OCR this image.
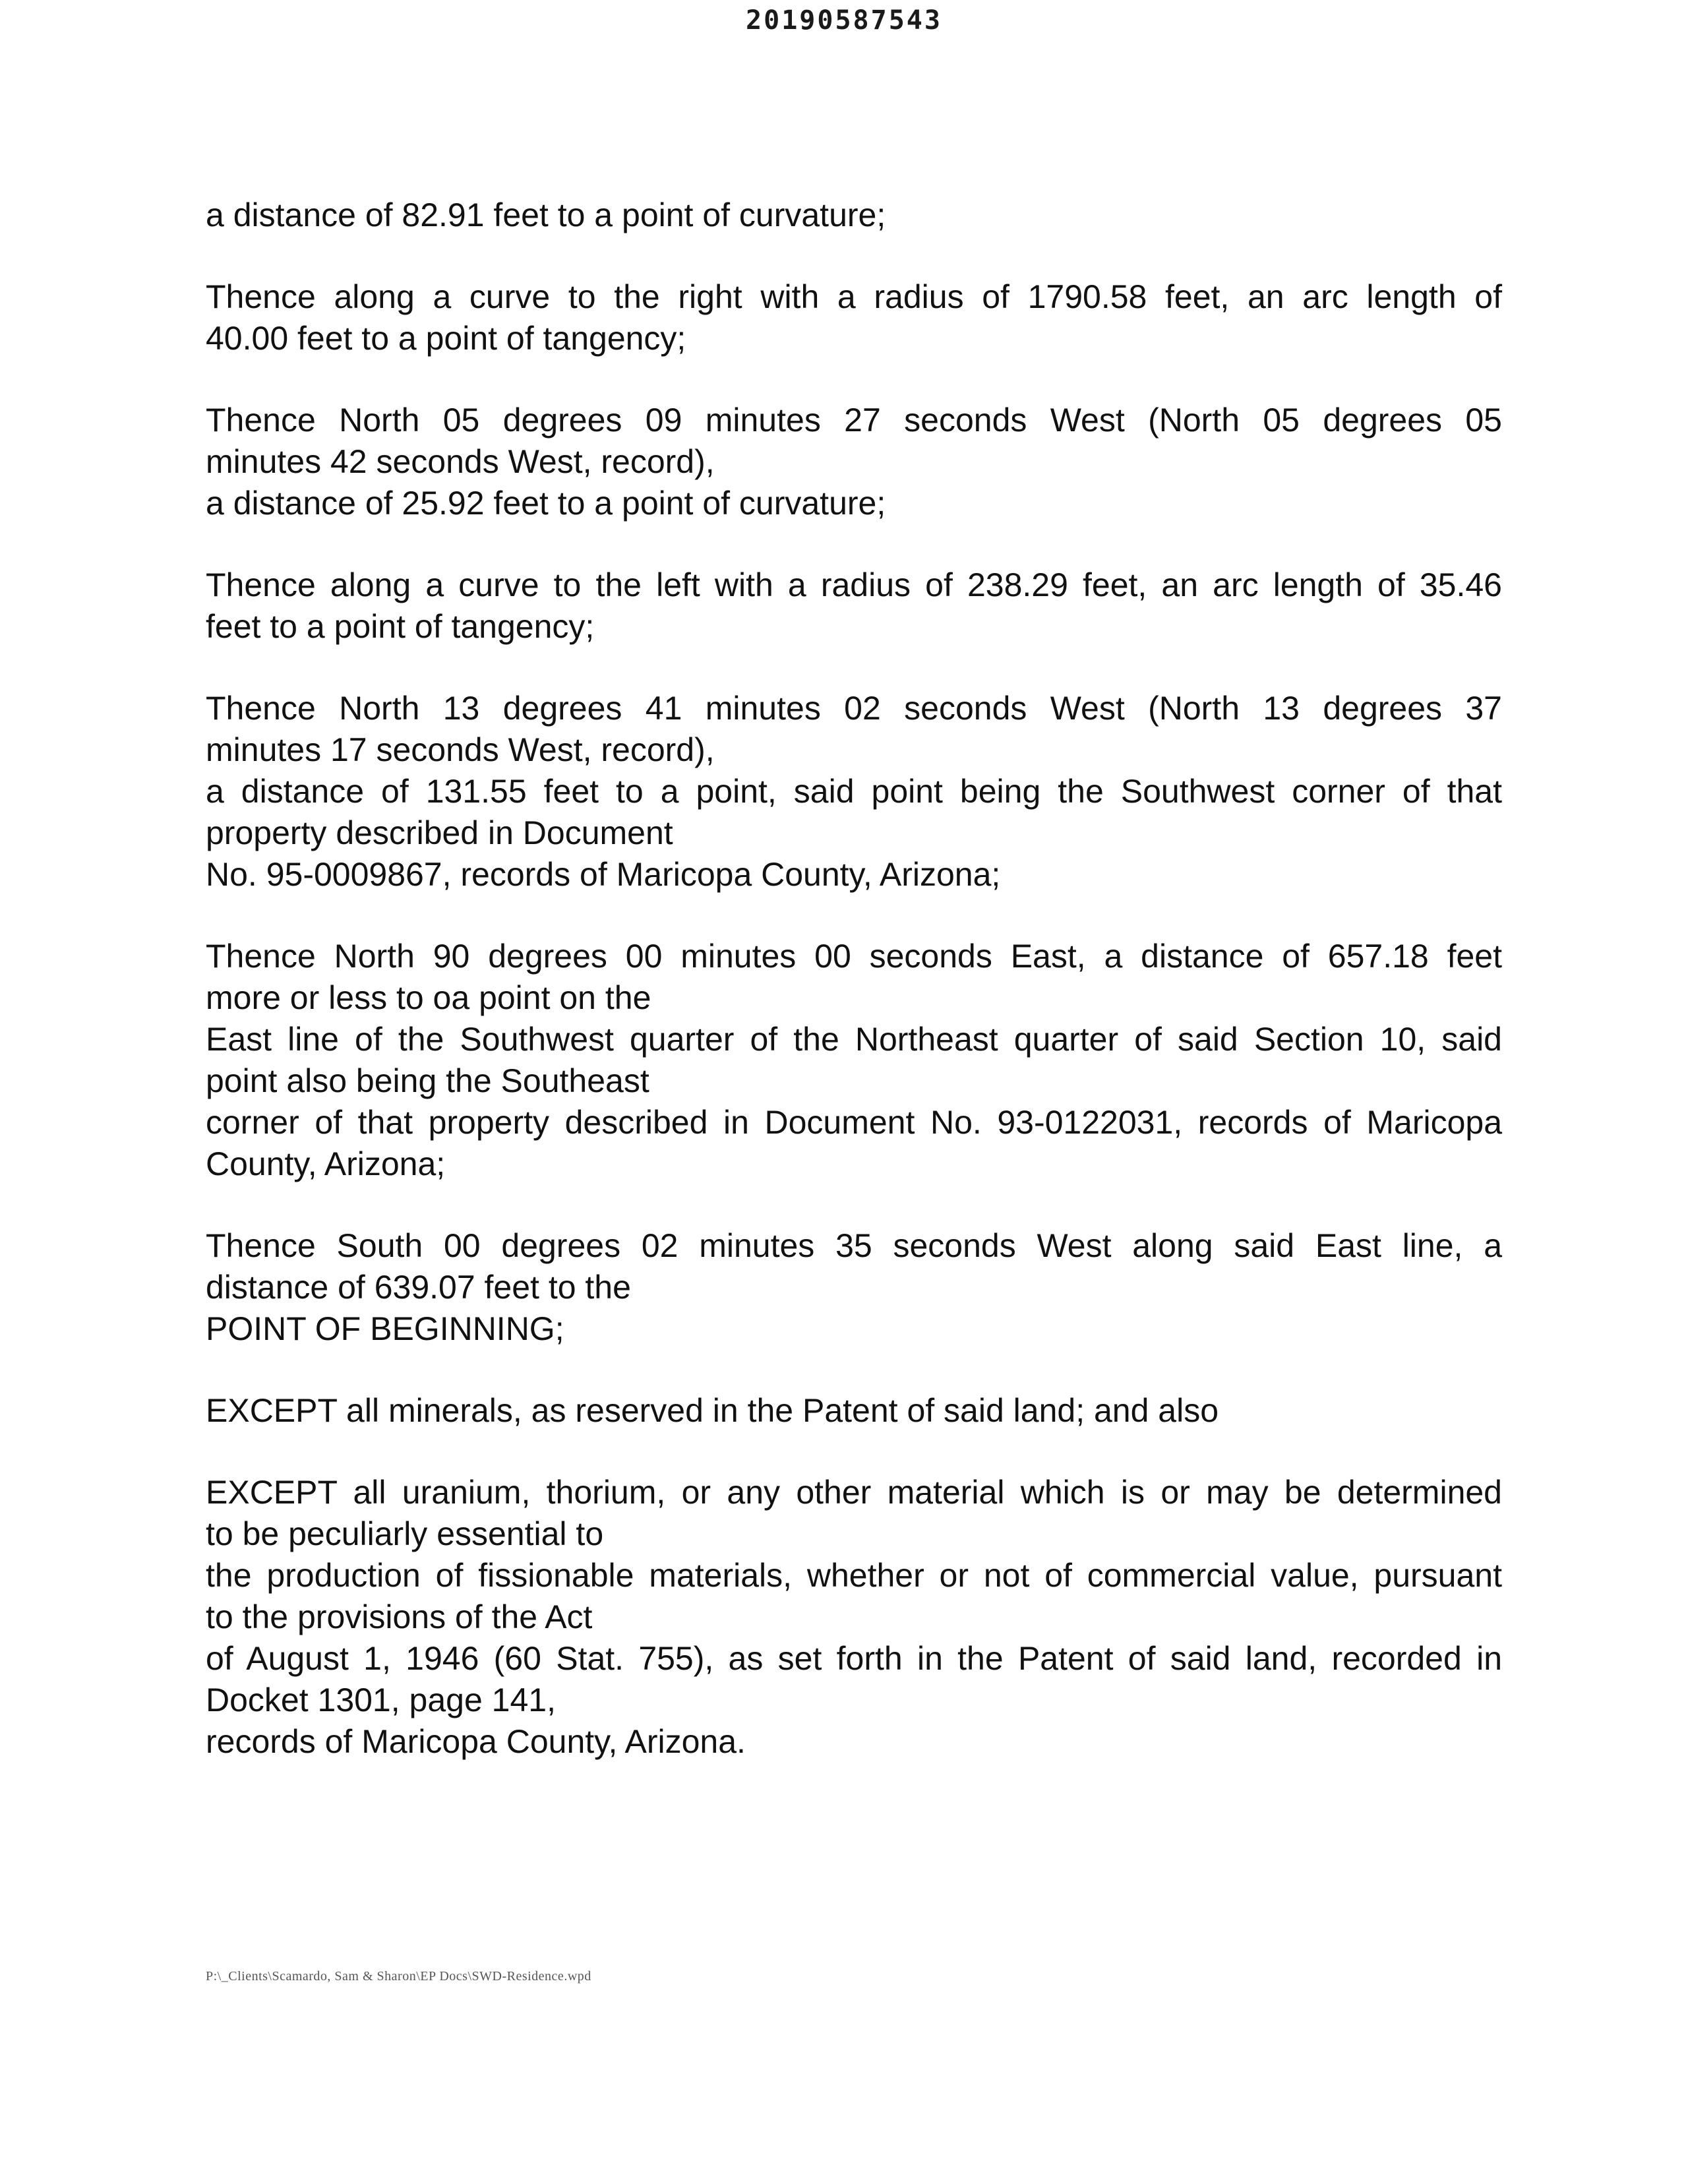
20190587543
a distance of 82.91 feet to a point of curvature;
Thence along a curve to the right with a radius of 1790.58 feet, an arc length of
40.00 feet to a point of tangency;
Thence North 05 degrees 09 minutes 27 seconds West (North 05 degrees 05
minutes 42 seconds West, record),
a distance of 25.92 feet to a point of curvature;
Thence along a curve to the left with a radius of 238.29 feet, an arc length of 35.46
feet to a point of tangency;
Thence North 13 degrees 41 minutes 02 seconds West (North 13 degrees 37
minutes 17 seconds West, record),
a distance of 131.55 feet to a point, said point being the Southwest corner of that
property described in Document
No. 95-0009867, records of Maricopa County, Arizona;
Thence North 90 degrees 00 minutes 00 seconds East, a distance of 657.18 feet
more or less to oa point on the
East line of the Southwest quarter of the Northeast quarter of said Section 10, said
point also being the Southeast
corner of that property described in Document No. 93-0122031, records of Maricopa
County, Arizona;
Thence South 00 degrees 02 minutes 35 seconds West along said East line, a
distance of 639.07 feet to the
POINT OF BEGINNING;
EXCEPT all minerals, as reserved in the Patent of said land; and also
EXCEPT all uranium, thorium, or any other material which is or may be determined
to be peculiarly essential to
the production of fissionable materials, whether or not of commercial value, pursuant
to the provisions of the Act
of August 1, 1946 (60 Stat. 755), as set forth in the Patent of said land, recorded in
Docket 1301, page 141,
records of Maricopa County, Arizona.
P:\_Clients\Scamardo, Sam & Sharon\EP Docs\SWD-Residence.wpd
